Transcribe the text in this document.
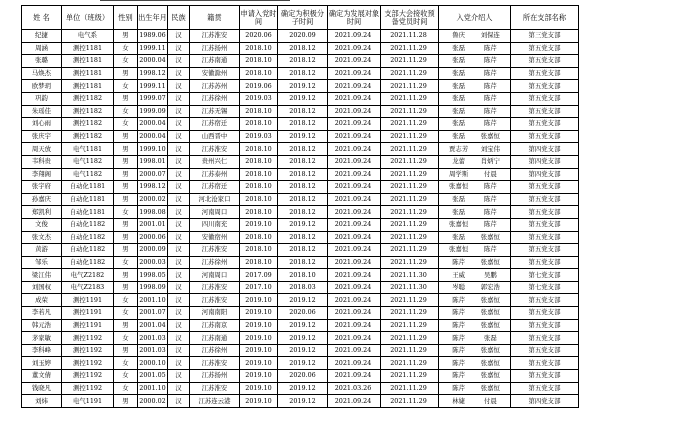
姓 名	单位（班级）	性别	出生年月	民族	籍贯	申请入党时间	确定为积极分子时间	确定为发展对象时间	支部大会接收预备党员时间	入党介绍人	所在支部名称
纪捷	电气系	男	1989.06	汉	江苏淮安	2020.06	2020.09	2021.09.24	2021.11.28	鲁庆 刘保连	第三党支部
周涵	测控1181	女	1999.11	汉	江苏扬州	2018.10	2018.12	2021.09.24	2021.11.29	张磊 陈芹	第五党支部
张璐	测控1181	女	2000.04	汉	江苏南通	2018.10	2018.12	2021.09.24	2021.11.29	张磊 陈芹	第五党支部
马焕杰	测控1181	男	1998.12	汉	安徽滁州	2018.10	2018.12	2021.09.24	2021.11.29	张磊 陈芹	第五党支部
欧梦玥	测控1181	女	1999.11	汉	江苏苏州	2019.06	2019.12	2021.09.24	2021.11.29	张磊 陈芹	第五党支部
巩韵	测控1182	男	1999.07	汉	江苏徐州	2019.03	2019.12	2021.09.24	2021.11.29	张磊 陈芹	第五党支部
朱瑶佳	测控1182	女	1999.09	汉	江苏无锡	2018.10	2018.12	2021.09.24	2021.11.29	张磊 陈芹	第五党支部
刘心雨	测控1182	女	2000.04	汉	江苏宿迁	2018.10	2018.12	2021.09.24	2021.11.29	张磊 陈芹	第五党支部
张庆宇	测控1182	男	2000.04	汉	山西晋中	2019.03	2019.12	2021.09.24	2021.11.29	张磊 张嘉恒	第五党支部
周天放	电气1181	男	1999.10	汉	江苏淮安	2018.10	2018.12	2021.09.24	2021.11.29	贾志芳 刘宝伟	第四党支部
韦科贵	电气1182	男	1998.01	汉	贵州兴仁	2018.10	2018.12	2021.09.24	2021.11.29	龙蕾 肖炳宁	第四党支部
李翔阁	电气1182	男	2000.07	汉	江苏泰州	2018.10	2018.12	2021.09.24	2021.11.29	周学斯 付晨	第四党支部
张宇府	自动化1181	男	1998.12	汉	江苏宿迁	2018.10	2018.12	2021.09.24	2021.11.29	张嘉恒 陈芹	第五党支部
孙嘉庆	自动化1181	男	2000.02	汉	河北沧家口	2018.10	2018.12	2021.09.24	2021.11.29	张磊 陈芹	第五党支部
郑凯利	自动化1181	女	1998.08	汉	河南周口	2018.10	2018.12	2021.09.24	2021.11.29	张磊 陈芹	第五党支部
文俊	自动化1182	男	2001.01	汉	四川南充	2019.10	2019.12	2021.09.24	2021.11.29	张嘉恒 陈芹	第五党支部
张文杰	自动化1182	男	2000.06	汉	安徽宿州	2018.10	2018.12	2021.09.24	2021.11.29	张磊 张嘉恒	第五党支部
黄游	自动化1182	男	2000.09	汉	江苏淮安	2018.10	2018.12	2021.09.24	2021.11.29	张嘉恒 陈芹	第五党支部
邹乐	自动化1182	女	2000.03	汉	江苏徐州	2018.10	2018.12	2021.09.24	2021.11.29	陈芹 张嘉恒	第五党支部
梁江伟	电气Z2182	男	1998.05	汉	河南周口	2017.09	2018.10	2021.09.24	2021.11.30	王威 吴鹏	第七党支部
刘国权	电气Z2183	男	1998.09	汉	江苏淮安	2017.10	2018.03	2021.09.24	2021.11.30	岑聪 郭宏浩	第七党支部
成荣	测控1191	女	2001.10	汉	江苏淮安	2019.10	2019.12	2021.09.24	2021.11.29	陈芹 张嘉恒	第五党支部
李若凡	测控1191	女	2001.07	汉	河南南阳	2019.10	2020.06	2021.09.24	2021.11.29	陈芹 张嘉恒	第五党支部
韩元浩	测控1191	男	2001.04	汉	江苏南京	2019.10	2019.12	2021.09.24	2021.11.29	陈芹 张嘉恒	第五党支部
茅家敏	测控1192	女	2001.03	汉	江苏南通	2019.10	2019.12	2021.09.24	2021.11.29	陈芹 张磊	第五党支部
李科峰	测控1192	男	2001.03	汉	江苏徐州	2019.10	2019.12	2021.09.24	2021.11.29	陈芹 张嘉恒	第五党支部
刘玉婷	测控1192	女	2000.10	汉	江苏淮安	2019.10	2019.12	2021.09.24	2021.11.29	陈芹 张嘉恒	第五党支部
董文倩	测控1192	女	2001.05	汉	江苏扬州	2019.10	2020.06	2021.09.24	2021.11.29	陈芹 张嘉恒	第五党支部
钱晓凡	测控1192	女	2001.10	汉	江苏淮安	2019.10	2019.12	2021.03.26	2021.11.29	陈芹 张嘉恒	第五党支部
刘炜	电气1191	男	2000.02	汉	江苏连云港	2019.10	2019.12	2021.09.24	2021.11.29	林婕 付晨	第四党支部
